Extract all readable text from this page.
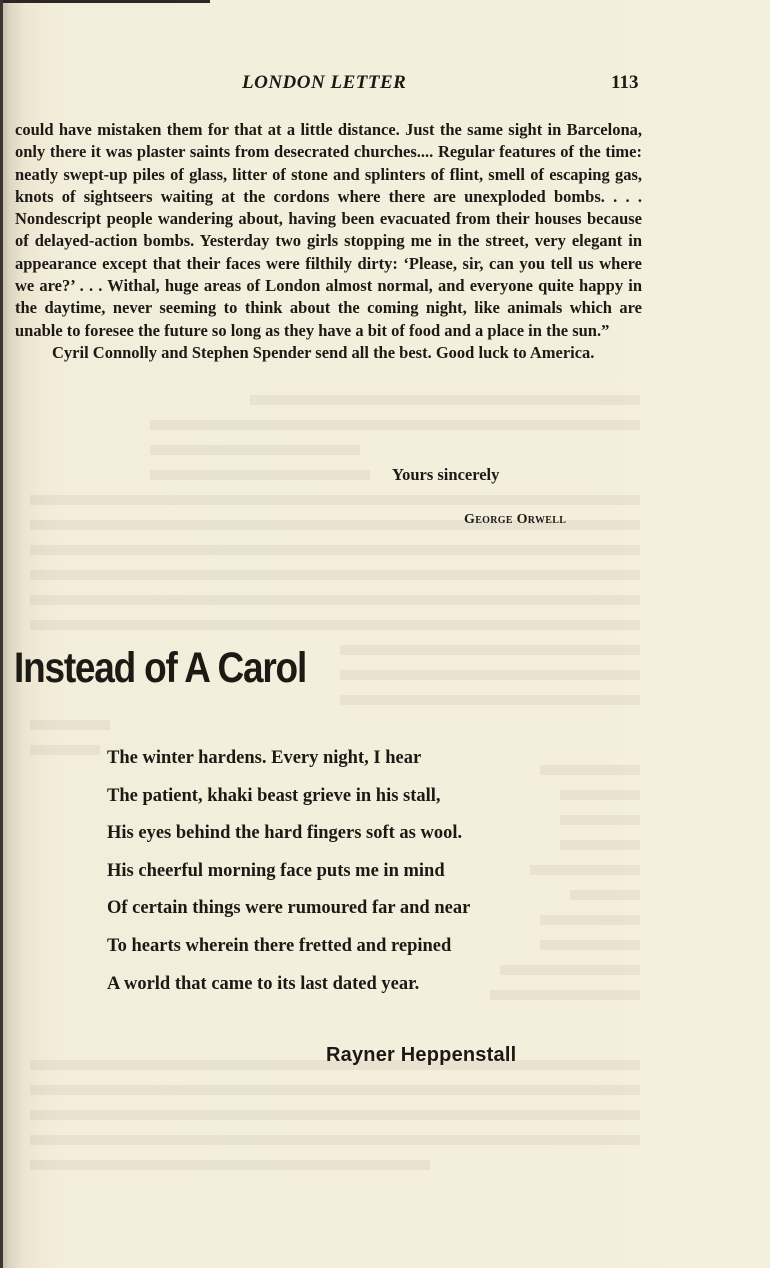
LONDON LETTER	113

could have mistaken them for that at a little distance. Just the same sight in Barcelona, only there it was plaster saints from desecrated churches.... Regular features of the time: neatly swept-up piles of glass, litter of stone and splinters of flint, smell of escaping gas, knots of sightseers waiting at the cordons where there are unexploded bombs. . . . Nondescript people wandering about, having been evacuated from their houses because of delayed-action bombs. Yesterday two girls stopping me in the street, very elegant in appearance except that their faces were filthily dirty: ‘Please, sir, can you tell us where we are?’ . . . Withal, huge areas of London almost normal, and everyone quite happy in the daytime, never seeming to think about the coming night, like animals which are unable to foresee the future so long as they have a bit of food and a place in the sun.”

Cyril Connolly and Stephen Spender send all the best. Good luck to America.

Yours sincerely
George Orwell
Instead of A Carol
The winter hardens. Every night, I hear
The patient, khaki beast grieve in his stall,
His eyes behind the hard fingers soft as wool.
His cheerful morning face puts me in mind
Of certain things were rumoured far and near
To hearts wherein there fretted and repined
A world that came to its last dated year.
Rayner Heppenstall
